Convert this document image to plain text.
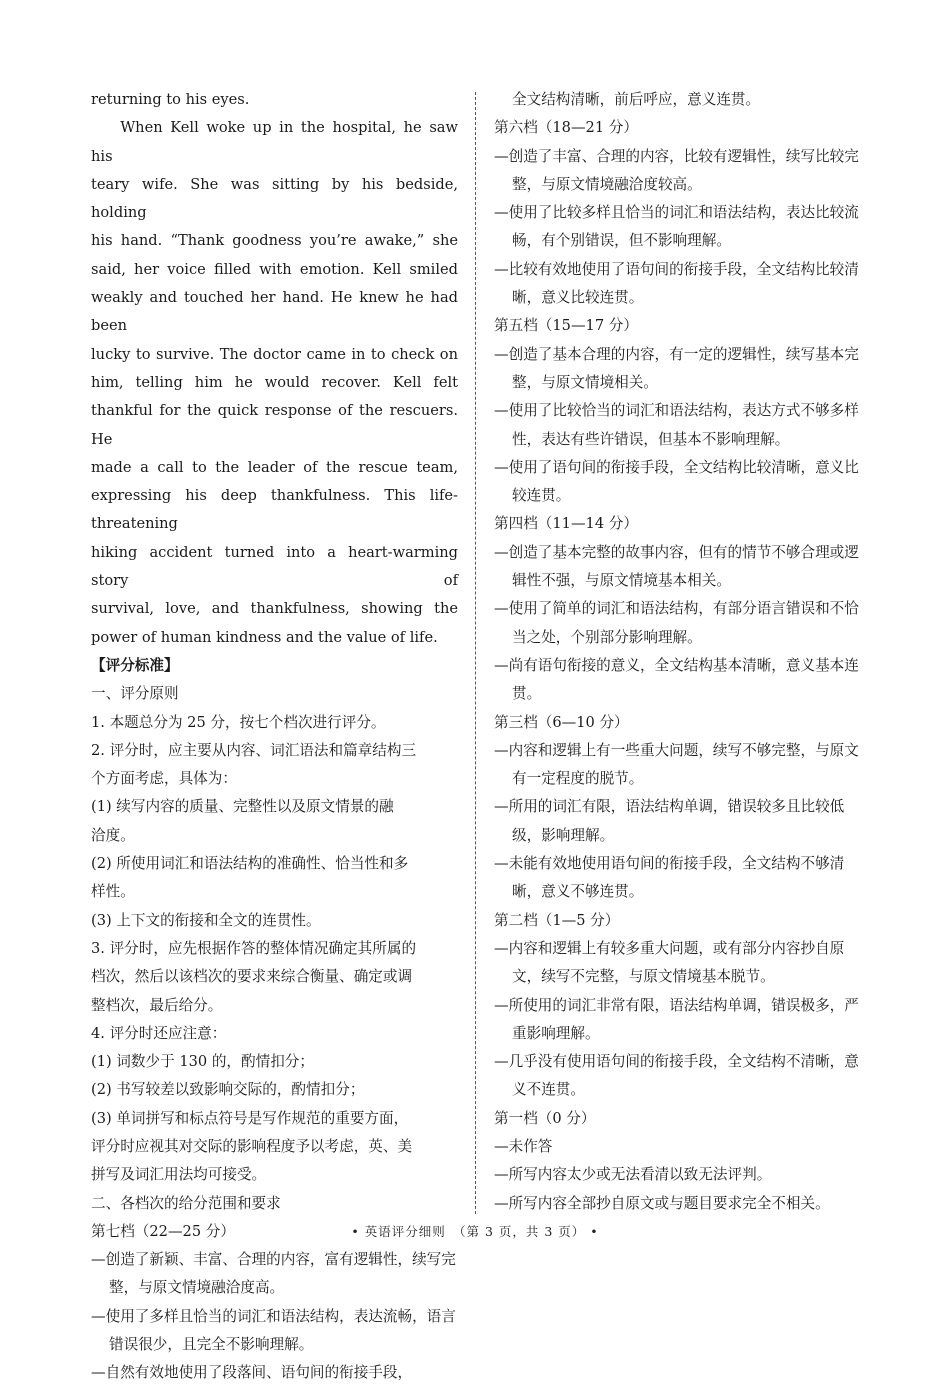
returning to his eyes.

When Kell woke up in the hospital, he saw his

teary wife. She was sitting by his bedside, holding

his hand. “Thank goodness you’re awake,” she

said, her voice filled with emotion. Kell smiled

weakly and touched her hand. He knew he had been

lucky to survive. The doctor came in to check on

him, telling him he would recover. Kell felt

thankful for the quick response of the rescuers. He

made a call to the leader of the rescue team,

expressing his deep thankfulness. This life-threatening

hiking accident turned into a heart-warming story of

survival, love, and thankfulness, showing the

power of human kindness and the value of life.

【评分标准】

一、评分原则

1. 本题总分为 25 分，按七个档次进行评分。

2. 评分时，应主要从内容、词汇语法和篇章结构三

个方面考虑，具体为：

(1) 续写内容的质量、完整性以及原文情景的融

洽度。

(2) 所使用词汇和语法结构的准确性、恰当性和多

样性。

(3) 上下文的衔接和全文的连贯性。

3. 评分时，应先根据作答的整体情况确定其所属的

档次，然后以该档次的要求来综合衡量、确定或调

整档次，最后给分。

4. 评分时还应注意：

(1) 词数少于 130 的，酌情扣分；

(2) 书写较差以致影响交际的，酌情扣分；

(3) 单词拼写和标点符号是写作规范的重要方面，

评分时应视其对交际的影响程度予以考虑，英、美

拼写及词汇用法均可接受。

二、各档次的给分范围和要求

第七档（22—25 分）

—创造了新颖、丰富、合理的内容，富有逻辑性，续写完整，与原文情境融洽度高。

—使用了多样且恰当的词汇和语法结构，表达流畅，语言错误很少，且完全不影响理解。

—自然有效地使用了段落间、语句间的衔接手段，

全文结构清晰，前后呼应，意义连贯。

第六档（18—21 分）

—创造了丰富、合理的内容，比较有逻辑性，续写比较完整，与原文情境融洽度较高。

—使用了比较多样且恰当的词汇和语法结构，表达比较流畅，有个别错误，但不影响理解。

—比较有效地使用了语句间的衔接手段，全文结构比较清晰，意义比较连贯。

第五档（15—17 分）

—创造了基本合理的内容，有一定的逻辑性，续写基本完整，与原文情境相关。

—使用了比较恰当的词汇和语法结构，表达方式不够多样性，表达有些许错误，但基本不影响理解。

—使用了语句间的衔接手段，全文结构比较清晰，意义比较连贯。

第四档（11—14 分）

—创造了基本完整的故事内容，但有的情节不够合理或逻辑性不强，与原文情境基本相关。

—使用了简单的词汇和语法结构，有部分语言错误和不恰当之处，个别部分影响理解。

—尚有语句衔接的意义，全文结构基本清晰，意义基本连贯。

第三档（6—10 分）

—内容和逻辑上有一些重大问题，续写不够完整，与原文有一定程度的脱节。

—所用的词汇有限，语法结构单调，错误较多且比较低级，影响理解。

—未能有效地使用语句间的衔接手段，全文结构不够清晰，意义不够连贯。

第二档（1—5 分）

—内容和逻辑上有较多重大问题，或有部分内容抄自原文，续写不完整，与原文情境基本脱节。

—所使用的词汇非常有限，语法结构单调，错误极多，严重影响理解。

—几乎没有使用语句间的衔接手段，全文结构不清晰，意义不连贯。

第一档（0 分）

—未作答

—所写内容太少或无法看清以致无法评判。

—所写内容全部抄自原文或与题目要求完全不相关。

• 英语评分细则　（第 3 页，共 3 页） •
